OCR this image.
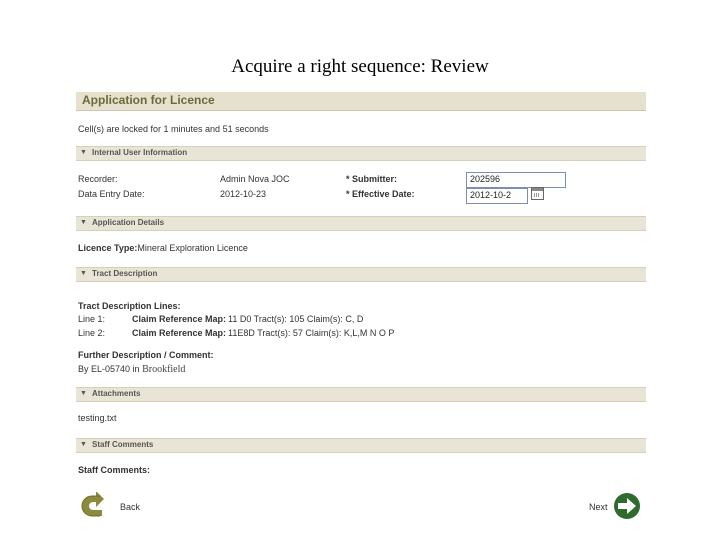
Acquire a right sequence: Review
Application for Licence
Cell(s) are locked for 1 minutes and 51 seconds
▼ Internal User Information
Recorder:	Admin Nova JOC
Data Entry Date:	2012-10-23
* Submitter:	202596
* Effective Date:	2012-10-2
▼ Application Details
Licence Type:Mineral Exploration Licence
▼ Tract Description
Tract Description Lines:
Line 1:	Claim Reference Map: 11 D0 Tract(s): 105 Claim(s): C, D
Line 2:	Claim Reference Map: 11E8D Tract(s): 57 Claim(s): K,L,M N O P
Further Description / Comment:
By EL-05740 in Brookfield
▼ Attachments
testing.txt
▼ Staff Comments
Staff Comments:
Back	Next
